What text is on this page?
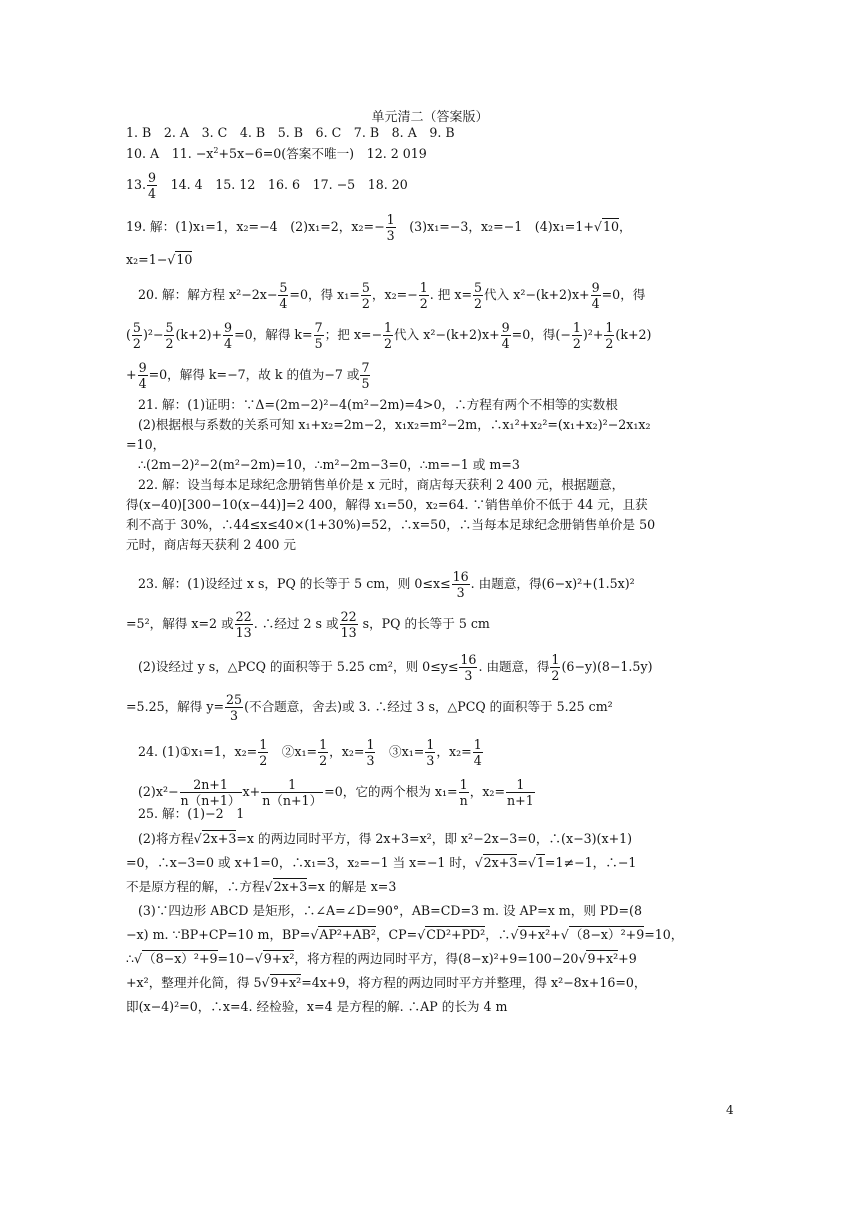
单元清二（答案版）
1. B　2. A　3. C　4. B　5. B　6. C　7. B　8. A　9. B
10. A　11. $-x^2+5x-6=0$(答案不唯一)　12. 2 019
13. $\frac{9}{4}$ 　14. 4　15. 12　16. 6　17. −5　18. 20
19. 解：(1)x₁=1，x₂=−4　(2)x₁=2，$x_2=- \frac{1}{3}$ 　(3)x₁=−3，x₂=−1　(4)x₁=1+ √ 10，
x₂=1− √ 10
20. 解：解方程 $x^2-2x- \frac{5}{4} =0$，得 $x_1= \frac{5}{2}$ ，$x_2=- \frac{1}{2}$ . 把 $x= \frac{5}{2}$ 代入 $x^2-(k+2)x+ \frac{9}{4} =0$，得
( $\frac{5}{2} )^2- \frac{5}{2} (k+2)+ \frac{9}{4} =0$，解得 $k= \frac{7}{5}$ ；把 $x=- \frac{1}{2}$ 代入 $x^2-(k+2)x+ \frac{9}{4} =0$，得(− $\frac{1}{2} )^2+ \frac{1}{2} (k+2)$
+ $\frac{9}{4} =0$，解得 k=−7，故 k 的值为−7 或 $\frac{7}{5}$
21. 解：(1)证明：∵Δ=(2m−2)²−4(m²−2m)=4>0，∴方程有两个不相等的实数根
(2)根据根与系数的关系可知 x₁+x₂=2m−2，x₁x₂=m²−2m，∴x₁²+x₂²=(x₁+x₂)²−2x₁x₂
=10，
∴(2m−2)²−2(m²−2m)=10，∴m²−2m−3=0，∴m=−1 或 m=3
22. 解：设当每本足球纪念册销售单价是 x 元时，商店每天获利 2 400 元，根据题意，
得(x−40)[300−10(x−44)]=2 400，解得 x₁=50，x₂=64. ∵销售单价不低于 44 元，且获
利不高于 30%，∴44≤x≤40×(1+30%)=52，∴x=50，∴当每本足球纪念册销售单价是 50
元时，商店每天获利 2 400 元
23. 解：(1)设经过 x s，PQ 的长等于 5 cm，则 $0\le x\le \frac{16}{3}$ . 由题意，得(6−x)²+(1.5x)²
=5²，解得 x=2 或 $\frac{22}{13}$ . ∴经过 2 s 或 $\frac{22}{13}$ s，PQ 的长等于 5 cm
(2)设经过 y s，△PCQ 的面积等于 5.25 cm²，则 $0\le y\le \frac{16}{3}$ . 由题意，得 $\frac{1}{2} (6-y)(8-1.5y)$
=5.25，解得 $y= \frac{25}{3}$ (不合题意，舍去)或 3. ∴经过 3 s，△PCQ 的面积等于 5.25 cm²
24. (1)①x₁=1，$x_2= \frac{1}{2}$ 　②x₁= $\frac{1}{2}$ ，$x_2= \frac{1}{3}$ 　③x₁= $\frac{1}{3}$ ，$x_2= \frac{1}{4}$
$(2)x^2- \frac{2n+1}{n(n+1)} x+ \frac{1}{n(n+1)} =0$，它的两个根为 $x_1= \frac{1}{n}$ ，$x_2= \frac{1}{n+1}$
25. 解：(1)−2　1
(2)将方程 √ 2x+3=x 的两边同时平方，得 2x+3=x²，即 x²−2x−3=0，∴(x−3)(x+1)
=0，∴x−3=0 或 x+1=0，∴x₁=3，x₂=−1 当 x=−1 时， √ 2x+3= √ 1=1≠−1，∴−1
不是原方程的解，∴方程 √ 2x+3=x 的解是 x=3
(3)∵四边形 ABCD 是矩形，∴∠A=∠D=90°，AB=CD=3 m. 设 AP=x m，则 PD=(8
−x) m. ∵BP+CP=10 m，BP= √ AP²+AB²，CP= √ CD²+PD²，∴ √ 9+x²+ √ （8−x）²+9=10，
∴ √ （8−x）²+9=10− √ 9+x²，将方程的两边同时平方，得(8−x)²+9=100−20 √ 9+x²+9
+x²，整理并化简，得 5 √ 9+x²=4x+9，将方程的两边同时平方并整理，得 x²−8x+16=0，
即(x−4)²=0，∴x=4. 经检验，x=4 是方程的解. ∴AP 的长为 4 m
4
